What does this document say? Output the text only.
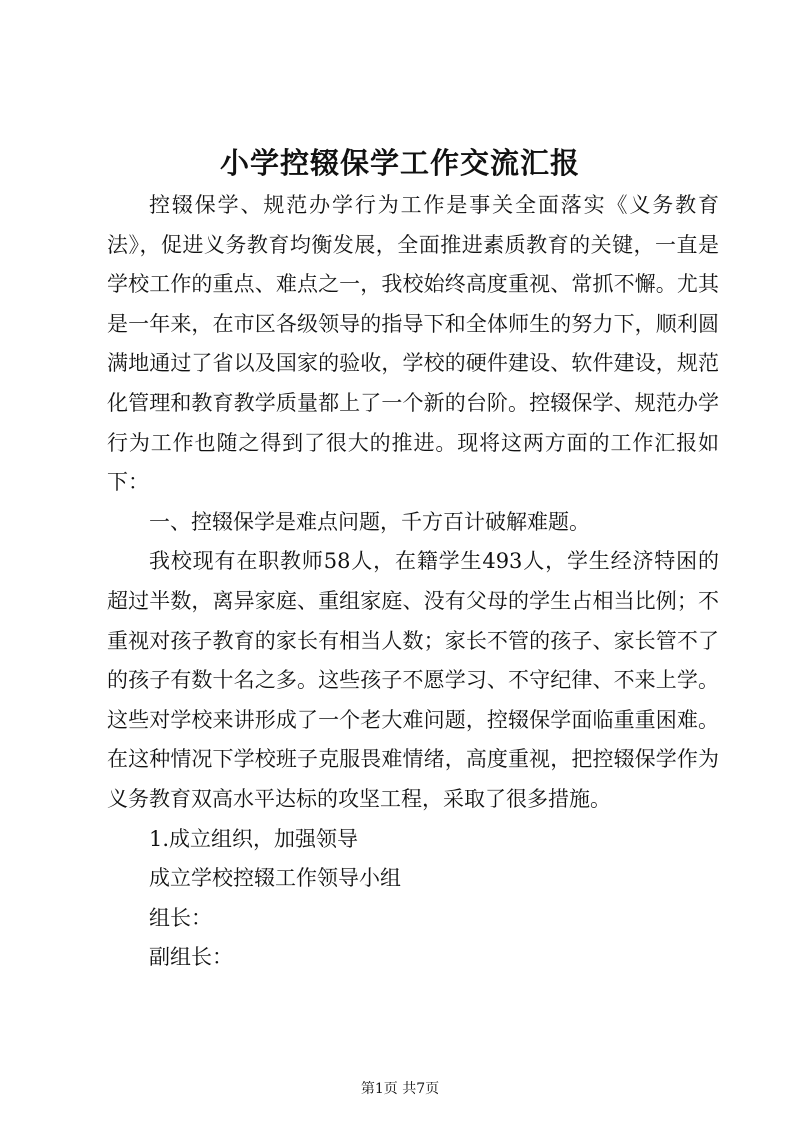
小学控辍保学工作交流汇报

控辍保学、规范办学行为工作是事关全面落实《义务教育法》，促进义务教育均衡发展，全面推进素质教育的关键，一直是学校工作的重点、难点之一，我校始终高度重视、常抓不懈。尤其是一年来，在市区各级领导的指导下和全体师生的努力下，顺利圆满地通过了省以及国家的验收，学校的硬件建设、软件建设，规范化管理和教育教学质量都上了一个新的台阶。控辍保学、规范办学行为工作也随之得到了很大的推进。现将这两方面的工作汇报如下：

一、控辍保学是难点问题，千方百计破解难题。

我校现有在职教师58人，在籍学生493人，学生经济特困的超过半数，离异家庭、重组家庭、没有父母的学生占相当比例；不重视对孩子教育的家长有相当人数；家长不管的孩子、家长管不了的孩子有数十名之多。这些孩子不愿学习、不守纪律、不来上学。这些对学校来讲形成了一个老大难问题，控辍保学面临重重困难。在这种情况下学校班子克服畏难情绪，高度重视，把控辍保学作为义务教育双高水平达标的攻坚工程，采取了很多措施。

1.成立组织，加强领导

成立学校控辍工作领导小组

组长：

副组长：

第1页 共7页
